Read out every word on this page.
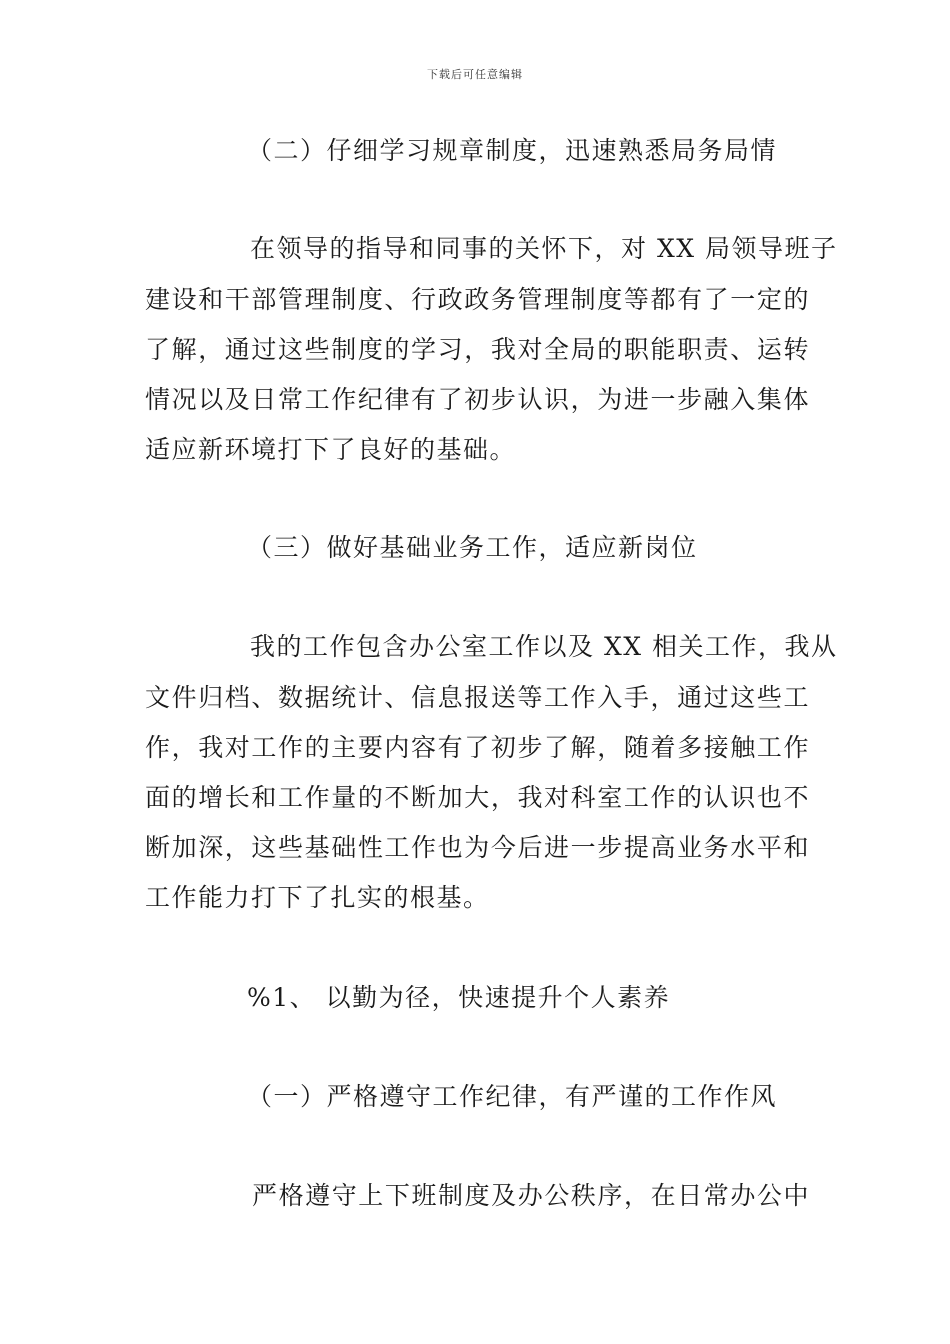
下载后可任意编辑
（二）仔细学习规章制度，迅速熟悉局务局情
在领导的指导和同事的关怀下，对 XX 局领导班子
建设和干部管理制度、行政政务管理制度等都有了一定的
了解，通过这些制度的学习，我对全局的职能职责、运转
情况以及日常工作纪律有了初步认识，为进一步融入集体
适应新环境打下了良好的基础。
（三）做好基础业务工作，适应新岗位
我的工作包含办公室工作以及 XX 相关工作，我从
文件归档、数据统计、信息报送等工作入手，通过这些工
作，我对工作的主要内容有了初步了解，随着多接触工作
面的增长和工作量的不断加大，我对科室工作的认识也不
断加深，这些基础性工作也为今后进一步提高业务水平和
工作能力打下了扎实的根基。
%1、 以勤为径，快速提升个人素养
（一）严格遵守工作纪律，有严谨的工作作风
严格遵守上下班制度及办公秩序，在日常办公中
